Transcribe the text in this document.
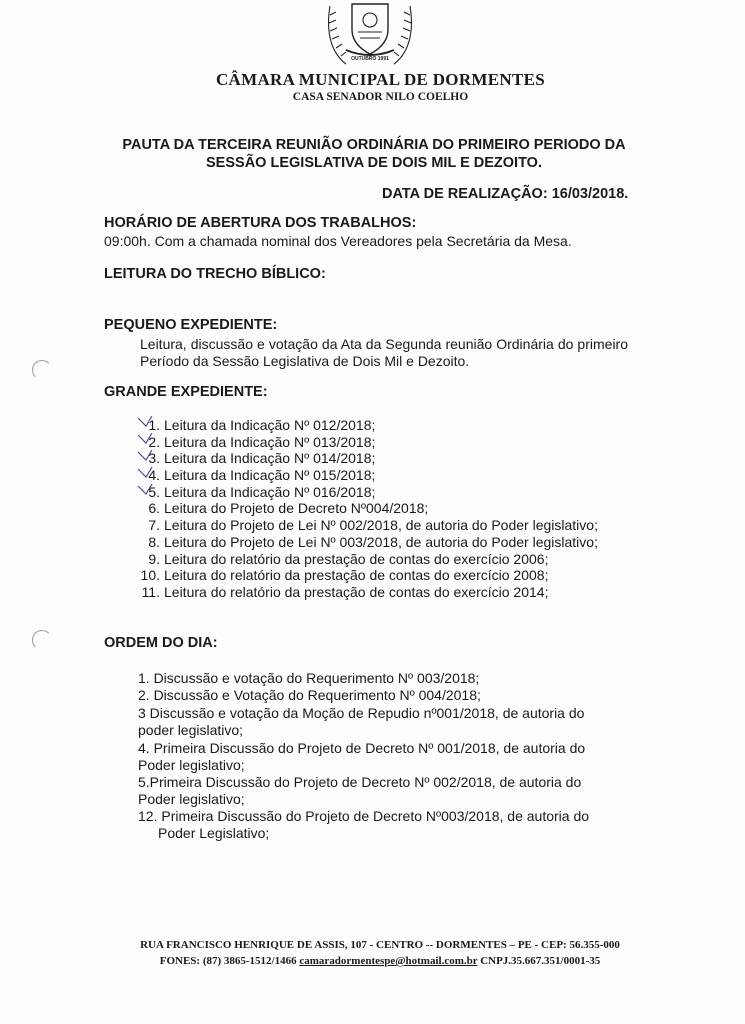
OUTUBRO 1991
CÂMARA MUNICIPAL DE DORMENTES
CASA SENADOR NILO COELHO
PAUTA DA TERCEIRA REUNIÃO ORDINÁRIA DO PRIMEIRO PERIODO DA
SESSÃO LEGISLATIVA DE DOIS MIL E DEZOITO.
DATA DE REALIZAÇÃO: 16/03/2018.
HORÁRIO DE ABERTURA DOS TRABALHOS:
09:00h. Com a chamada nominal dos Vereadores pela Secretária da Mesa.
LEITURA DO TRECHO BÍBLICO:
PEQUENO EXPEDIENTE:
Leitura, discussão e votação da Ata da Segunda reunião Ordinária do primeiro Período da Sessão Legislativa de Dois Mil e Dezoito.
GRANDE EXPEDIENTE:
1. Leitura da Indicação Nº 012/2018;
2. Leitura da Indicação Nº 013/2018;
3. Leitura da Indicação Nº 014/2018;
4. Leitura da Indicação Nº 015/2018;
5. Leitura da Indicação Nº 016/2018;
6. Leitura do Projeto de Decreto Nº004/2018;
7. Leitura do Projeto de Lei Nº 002/2018, de autoria do Poder legislativo;
8. Leitura do Projeto de Lei Nº 003/2018, de autoria do Poder legislativo;
9. Leitura do relatório da prestação de contas do exercício 2006;
10. Leitura do relatório da prestação de contas do exercício 2008;
11. Leitura do relatório da prestação de contas do exercício 2014;
ORDEM DO DIA:
1. Discussão e votação do Requerimento Nº 003/2018;
2. Discussão e Votação do Requerimento Nº 004/2018;
3 Discussão e votação da Moção de Repudio nº001/2018, de autoria do
poder legislativo;
4. Primeira Discussão do Projeto de Decreto Nº 001/2018, de autoria do
Poder legislativo;
5.Primeira Discussão do Projeto de Decreto Nº 002/2018, de autoria do
Poder legislativo;
12. Primeira Discussão do Projeto de Decreto Nº003/2018, de autoria do
Poder Legislativo;
RUA FRANCISCO HENRIQUE DE ASSIS, 107 - CENTRO -- DORMENTES – PE - CEP: 56.355-000
FONES: (87) 3865-1512/1466 camaradormentespe@hotmail.com.br CNPJ.35.667.351/0001-35
